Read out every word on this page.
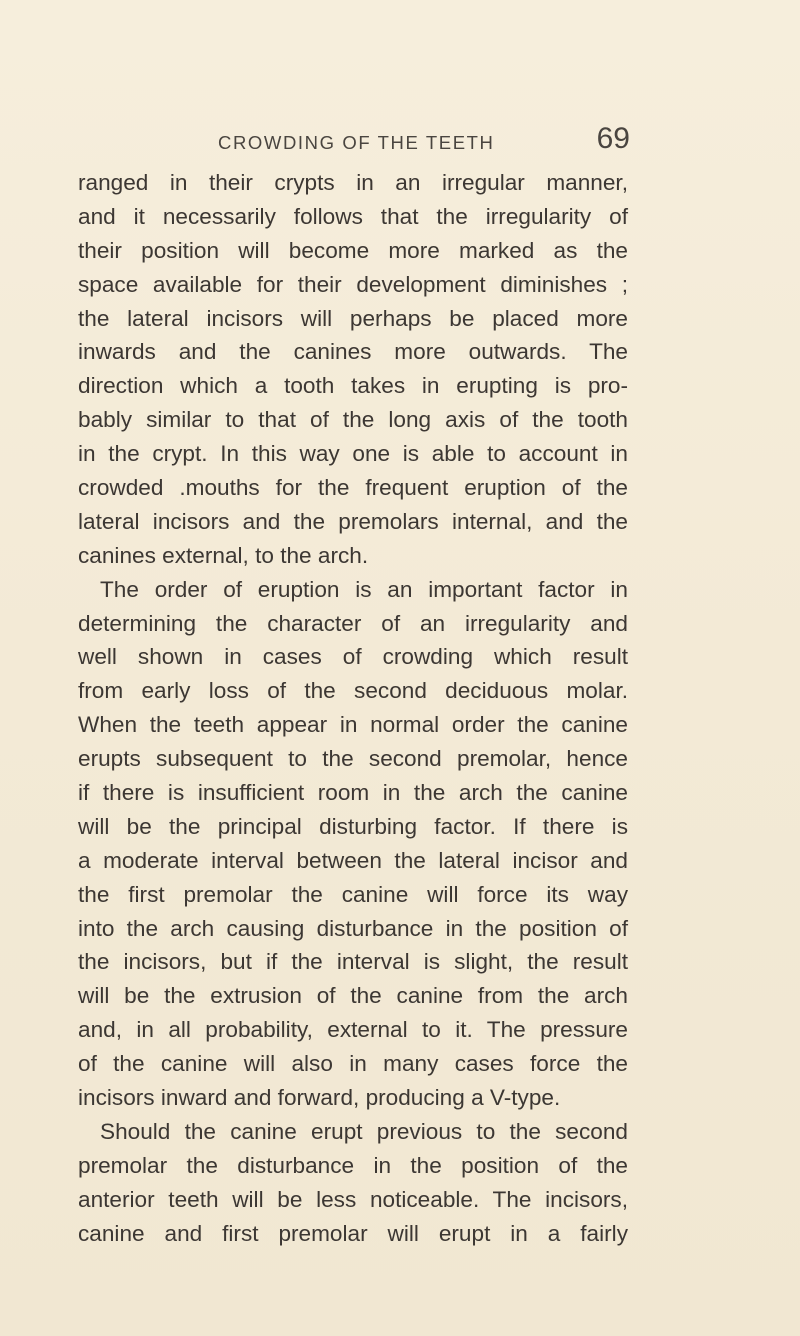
CROWDING OF THE TEETH	69
ranged in their crypts in an irregular manner,
and it necessarily follows that the irregularity of
their position will become more marked as the
space available for their development diminishes ;
the lateral incisors will perhaps be placed more
inwards and the canines more outwards. The
direction which a tooth takes in erupting is pro-
bably similar to that of the long axis of the tooth
in the crypt. In this way one is able to account in
crowded .mouths for the frequent eruption of the
lateral incisors and the premolars internal, and the
canines external, to the arch.
The order of eruption is an important factor in
determining the character of an irregularity and
well shown in cases of crowding which result
from early loss of the second deciduous molar.
When the teeth appear in normal order the canine
erupts subsequent to the second premolar, hence
if there is insufficient room in the arch the canine
will be the principal disturbing factor. If there is
a moderate interval between the lateral incisor and
the first premolar the canine will force its way
into the arch causing disturbance in the position of
the incisors, but if the interval is slight, the result
will be the extrusion of the canine from the arch
and, in all probability, external to it. The pressure
of the canine will also in many cases force the
incisors inward and forward, producing a V-type.
Should the canine erupt previous to the second
premolar the disturbance in the position of the
anterior teeth will be less noticeable. The incisors,
canine and first premolar will erupt in a fairly
